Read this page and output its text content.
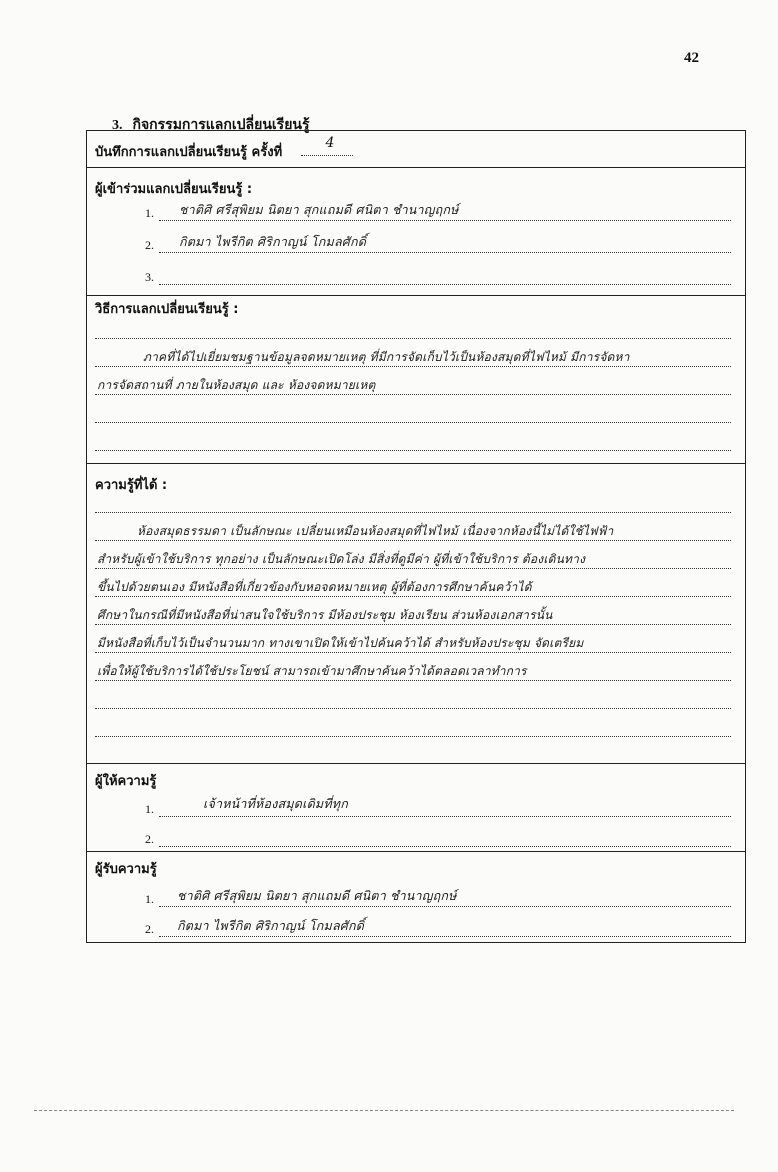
42
3. กิจกรรมการแลกเปลี่ยนเรียนรู้
บันทึกการแลกเปลี่ยนเรียนรู้ ครั้งที่
4
ผู้เข้าร่วมแลกเปลี่ยนเรียนรู้ :
1. ชาติศิ ศรีสุพิยม นิตยา สุกแถมดี ศนิตา ชำนาญฤกษ์
2. กิตมา ไพรีกิต ศิริกาญน์ โกมลศักดิ์
3.
วิธีการแลกเปลี่ยนเรียนรู้ :
ภาคที่ได้ไปเยี่ยมชมฐานข้อมูลจดหมายเหตุ ที่มีการจัดเก็บไว้เป็นห้องสมุดที่ไฟไหม้ มีการจัดหา
การจัดสถานที่ ภายในห้องสมุด และ ห้องจดหมายเหตุ
ความรู้ที่ได้ :
ห้องสมุดธรรมดา เป็นลักษณะ เปลี่ยนเหมือนห้องสมุดที่ไฟไหม้ เนื่องจากห้องนี้ไม่ได้ใช้ไฟฟ้า
สำหรับผู้เข้าใช้บริการ ทุกอย่าง เป็นลักษณะเปิดโล่ง มีสิ่งที่ดูมีค่า ผู้ที่เข้าใช้บริการ ต้องเดินทาง
ขึ้นไปด้วยตนเอง มีหนังสือที่เกี่ยวข้องกับหอจดหมายเหตุ ผู้ที่ต้องการศึกษาค้นคว้าได้
ศึกษาในกรณีที่มีหนังสือที่น่าสนใจใช้บริการ มีห้องประชุม ห้องเรียน ส่วนห้องเอกสารนั้น
มีหนังสือที่เก็บไว้เป็นจำนวนมาก ทางเขาเปิดให้เข้าไปค้นคว้าได้ สำหรับห้องประชุม จัดเตรียม
เพื่อให้ผู้ใช้บริการได้ใช้ประโยชน์ สามารถเข้ามาศึกษาค้นคว้าได้ตลอดเวลาทำการ
ผู้ให้ความรู้
1.	เจ้าหน้าที่ห้องสมุดเดิมที่ทุก
2.
ผู้รับความรู้
1. ชาติศิ ศรีสุพิยม นิตยา สุกแถมดี ศนิตา ชำนาญฤกษ์
2. กิตมา ไพรีกิต ศิริกาญน์ โกมลศักดิ์
